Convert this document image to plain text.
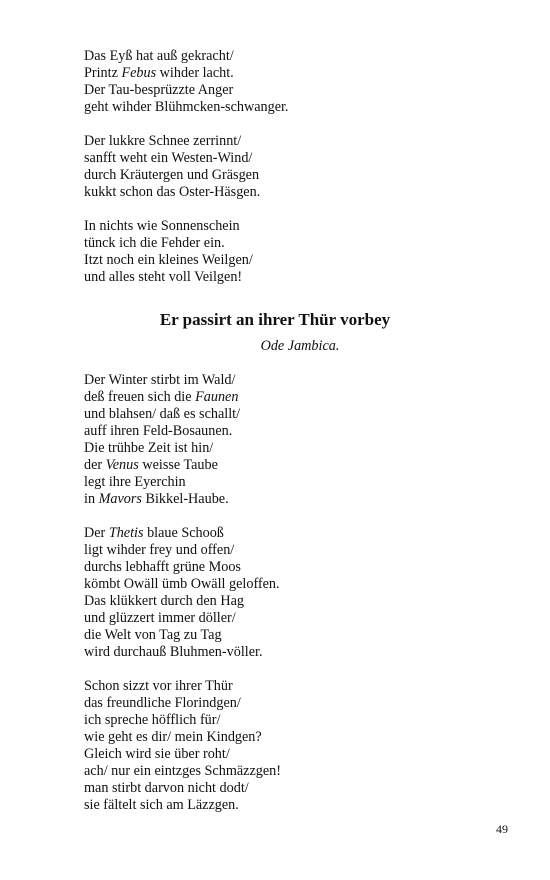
Das Eyß hat auß gekracht/
Printz Febus wihder lacht.
Der Tau-besprüzzte Anger
geht wihder Blühmcken-schwanger.
Der lukkre Schnee zerrinnt/
sanfft weht ein Westen-Wind/
durch Kräutergen und Gräsgen
kukkt schon das Oster-Häsgen.
In nichts wie Sonnenschein
tünck ich die Fehder ein.
Itzt noch ein kleines Weilgen/
und alles steht voll Veilgen!
Er passirt an ihrer Thür vorbey
Ode Jambica.
Der Winter stirbt im Wald/
deß freuen sich die Faunen
und blahsen/ daß es schallt/
auff ihren Feld-Bosaunen.
Die trühbe Zeit ist hin/
der Venus weisse Taube
legt ihre Eyerchin
in Mavors Bikkel-Haube.
Der Thetis blaue Schooß
ligt wihder frey und offen/
durchs lebhafft grüne Moos
kömbt Owäll ümb Owäll geloffen.
Das klükkert durch den Hag
und glüzzert immer döller/
die Welt von Tag zu Tag
wird durchauß Bluhmen-völler.
Schon sizzt vor ihrer Thür
das freundliche Florindgen/
ich spreche höfflich für/
wie geht es dir/ mein Kindgen?
Gleich wird sie über roht/
ach/ nur ein eintzges Schmäzzgen!
man stirbt darvon nicht dodt/
sie fältelt sich am Läzzgen.
49
